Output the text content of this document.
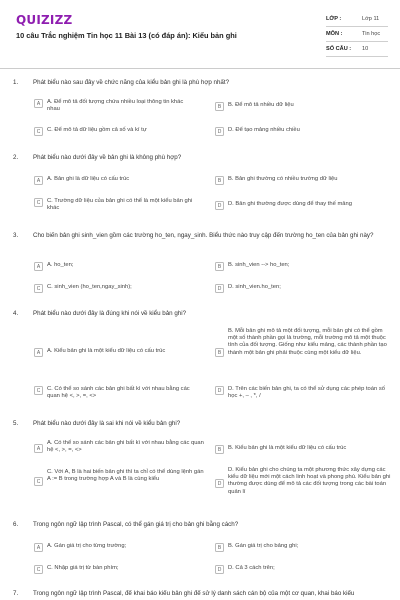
QUIZIZZ
10 câu Trắc nghiệm Tin học 11 Bài 13 (có đáp án): Kiểu bản ghi
LỚP :	Lớp 11
MÔN :	Tin học
SỐ CÂU : 10
1. Phát biểu nào sau đây về chức năng của kiểu bản ghi là phù hợp nhất?
A	A. Để mô tả đối tượng chứa nhiều loại thông tin khác nhau	B	B. Để mô tả nhiều dữ liệu
C	C. Để mô tả dữ liệu gồm cả số và kí tự	D	D. Để tạo mảng nhiều chiều
2. Phát biểu nào dưới đây về bản ghi là không phù hợp?
A	A. Bản ghi là dữ liệu có cấu trúc	B	B. Bản ghi thường có nhiều trường dữ liệu
C	C. Trường dữ liệu của bản ghi có thể là một kiểu bản ghi khác	D	D. Bản ghi thường được dùng để thay thế mảng
3. Cho biến bản ghi sinh_vien gồm các trường ho_ten, ngay_sinh. Biểu thức nào truy cập đến trường ho_ten của bản ghi này?
A	A. ho_ten;	B	B. sinh_vien --> ho_ten;
C	C. sinh_vien (ho_ten,ngay_sinh);	D	D. sinh_vien.ho_ten;
4. Phát biểu nào dưới đây là đúng khi nói về kiểu bản ghi?
A	A. Kiểu bản ghi là một kiểu dữ liệu có cấu trúc	B
B. Mỗi bản ghi mô tả một đối tượng, mỗi bản ghi có thể gồm một số thành phần gọi là trường, mỗi trường mô tả một thuộc tính của đối tượng. Giống như kiểu mảng, các thành phần tạo thành một bản ghi phải thuộc cùng một kiểu dữ liệu.
C	C. Có thể so sánh các bản ghi bất kì với nhau bằng các quan hệ <, >, =, <>
D	D. Trên các biến bản ghi, ta có thể sử dụng các phép toán số học +, – , *, /
5. Phát biểu nào dưới đây là sai khi nói về kiểu bản ghi?
A
A. Có thể so sánh các bản ghi bất kì với nhau bằng các quan hệ <, >, =, <>	B	B. Kiểu bản ghi là một kiểu dữ liệu có cấu trúc
C
C. Với A, B là hai biến bản ghi thì ta chỉ có thể dùng lệnh gán A := B trong trường hợp A và B là cùng kiểu
D
D. Kiểu bản ghi cho chúng ta một phương thức xây dựng các kiểu dữ liệu mới một cách linh hoạt và phong phú. Kiểu bản ghi thường được dùng để mô tả các đối tượng trong các bài toán quản lí
6. Trong ngôn ngữ lập trình Pascal, có thể gán giá trị cho bản ghi bằng cách?
A	A. Gán giá trị cho từng trường;	B	B. Gán giá trị cho bảng ghi;
C	C. Nhập giá trị từ bàn phím;	D	D. Cả 3 cách trên;
7. Trong ngôn ngữ lập trình Pascal, để khai báo kiểu bản ghi để sử lý danh sách cán bộ của một cơ quan, khai báo kiểu
